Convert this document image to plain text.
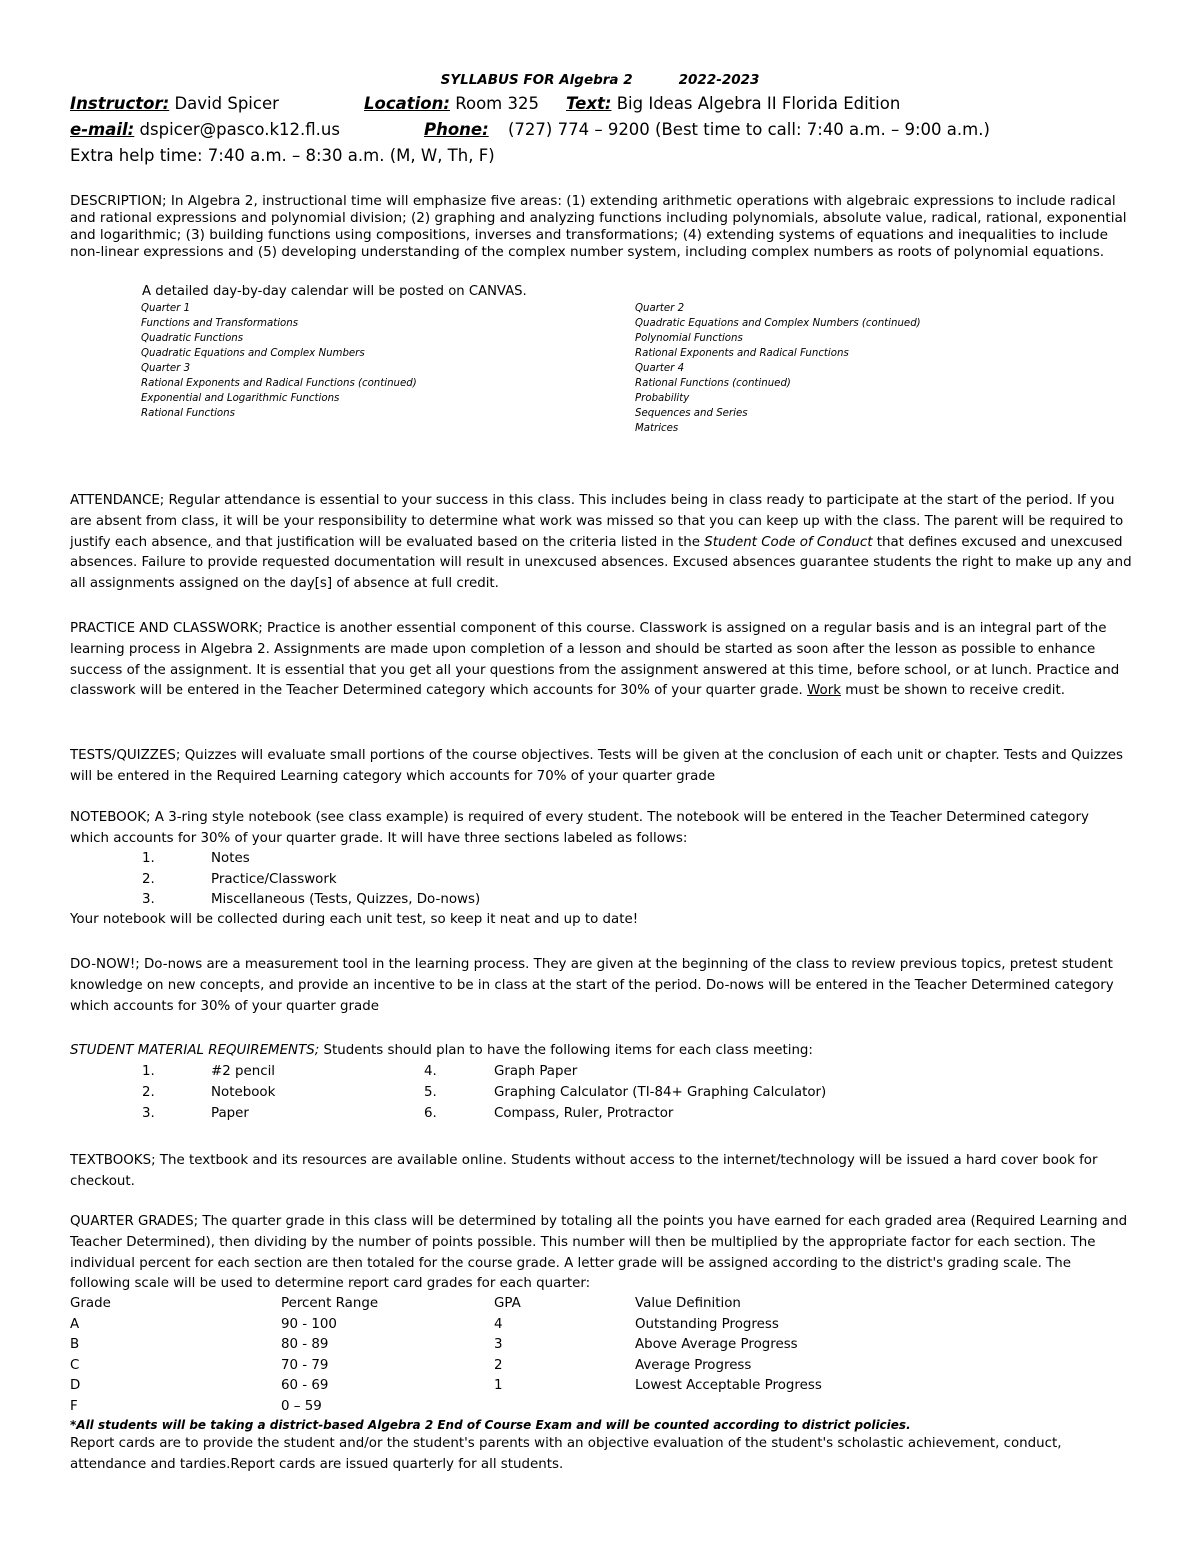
SYLLABUS FOR Algebra 2	2022-2023
Instructor: David Spicer	Location: Room 325 Text: Big Ideas Algebra II Florida Edition
e-mail: dspicer@pasco.k12.fl.us	Phone: (727) 774 – 9200 (Best time to call: 7:40 a.m. – 9:00 a.m.)
Extra help time: 7:40 a.m. – 8:30 a.m. (M, W, Th, F)
DESCRIPTION; In Algebra 2, instructional time will emphasize five areas: (1) extending arithmetic operations with algebraic expressions to include radical and rational expressions and polynomial division; (2) graphing and analyzing functions including polynomials, absolute value, radical, rational, exponential and logarithmic; (3) building functions using compositions, inverses and transformations; (4) extending systems of equations and inequalities to include non-linear expressions and (5) developing understanding of the complex number system, including complex numbers as roots of polynomial equations.
A detailed day-by-day calendar will be posted on CANVAS.
Quarter 1
Functions and Transformations
Quadratic Functions
Quadratic Equations and Complex Numbers
Quarter 3
Rational Exponents and Radical Functions (continued)
Exponential and Logarithmic Functions
Rational Functions
Quarter 2
Quadratic Equations and Complex Numbers (continued)
Polynomial Functions
Rational Exponents and Radical Functions
Quarter 4
Rational Functions (continued)
Probability
Sequences and Series
Matrices
ATTENDANCE; Regular attendance is essential to your success in this class. This includes being in class ready to participate at the start of the period. If you are absent from class, it will be your responsibility to determine what work was missed so that you can keep up with the class. The parent will be required to justify each absence, and that justification will be evaluated based on the criteria listed in the Student Code of Conduct that defines excused and unexcused absences. Failure to provide requested documentation will result in unexcused absences. Excused absences guarantee students the right to make up any and all assignments assigned on the day[s] of absence at full credit.
PRACTICE AND CLASSWORK; Practice is another essential component of this course. Classwork is assigned on a regular basis and is an integral part of the learning process in Algebra 2. Assignments are made upon completion of a lesson and should be started as soon after the lesson as possible to enhance success of the assignment. It is essential that you get all your questions from the assignment answered at this time, before school, or at lunch. Practice and classwork will be entered in the Teacher Determined category which accounts for 30% of your quarter grade. Work must be shown to receive credit.
TESTS/QUIZZES; Quizzes will evaluate small portions of the course objectives. Tests will be given at the conclusion of each unit or chapter. Tests and Quizzes will be entered in the Required Learning category which accounts for 70% of your quarter grade
NOTEBOOK; A 3-ring style notebook (see class example) is required of every student. The notebook will be entered in the Teacher Determined category which accounts for 30% of your quarter grade. It will have three sections labeled as follows:
1.	Notes
2.	Practice/Classwork
3.	Miscellaneous (Tests, Quizzes, Do-nows)
Your notebook will be collected during each unit test, so keep it neat and up to date!
DO-NOW!; Do-nows are a measurement tool in the learning process. They are given at the beginning of the class to review previous topics, pretest student knowledge on new concepts, and provide an incentive to be in class at the start of the period. Do-nows will be entered in the Teacher Determined category which accounts for 30% of your quarter grade
STUDENT MATERIAL REQUIREMENTS; Students should plan to have the following items for each class meeting:
1.	#2 pencil
2.	Notebook
3.	Paper
4.	Graph Paper
5.	Graphing Calculator (TI-84+ Graphing Calculator)
6.	Compass, Ruler, Protractor
TEXTBOOKS; The textbook and its resources are available online. Students without access to the internet/technology will be issued a hard cover book for checkout.
QUARTER GRADES; The quarter grade in this class will be determined by totaling all the points you have earned for each graded area (Required Learning and Teacher Determined), then dividing by the number of points possible. This number will then be multiplied by the appropriate factor for each section. The individual percent for each section are then totaled for the course grade. A letter grade will be assigned according to the district's grading scale. The following scale will be used to determine report card grades for each quarter:
Grade	Percent Range	GPA	Value Definition
A	90 - 100	4	Outstanding Progress
B	80 - 89	3	Above Average Progress
C	70 - 79	2	Average Progress
D	60 - 69	1	Lowest Acceptable Progress
F	0 – 59
*All students will be taking a district-based Algebra 2 End of Course Exam and will be counted according to district policies.
Report cards are to provide the student and/or the student's parents with an objective evaluation of the student's scholastic achievement, conduct, attendance and tardies.Report cards are issued quarterly for all students.
